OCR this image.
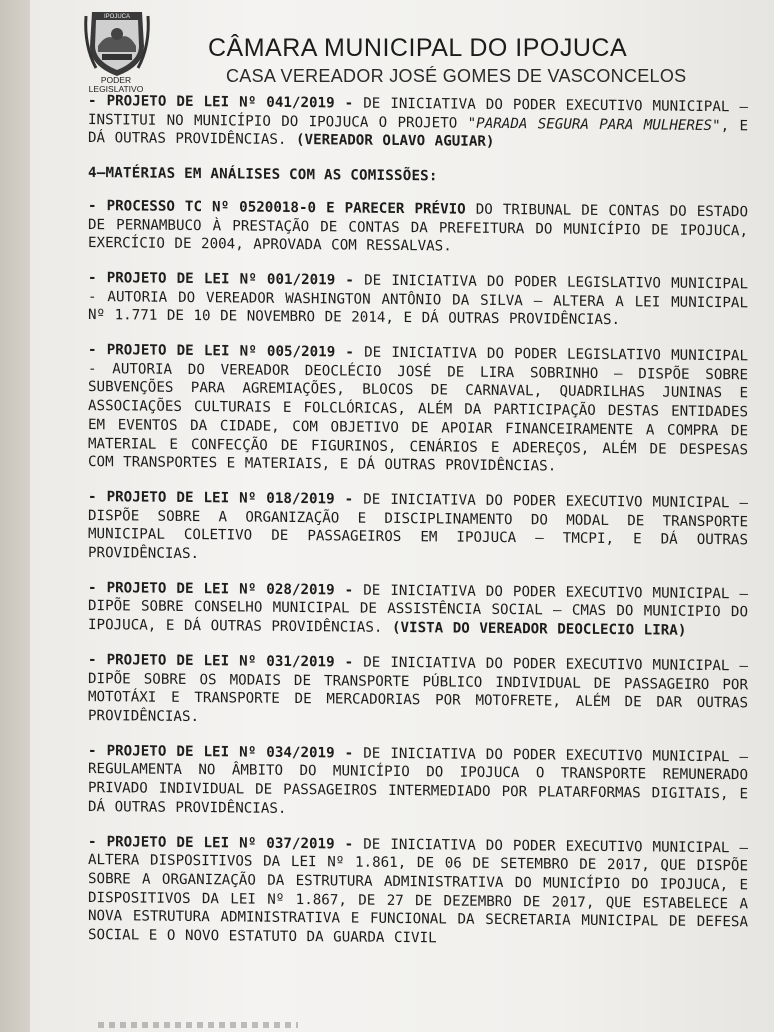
IPOJUCA
PODER
LEGISLATIVO
CÂMARA MUNICIPAL DO IPOJUCA
CASA VEREADOR JOSÉ GOMES DE VASCONCELOS

- PROJETO DE LEI Nº 041/2019 - DE INICIATIVA DO PODER EXECUTIVO MUNICIPAL – INSTITUI NO MUNICÍPIO DO IPOJUCA O PROJETO "PARADA SEGURA PARA MULHERES", E DÁ OUTRAS PROVIDÊNCIAS. (VEREADOR OLAVO AGUIAR)

4–MATÉRIAS EM ANÁLISES COM AS COMISSÕES:

- PROCESSO TC Nº 0520018-0 E PARECER PRÉVIO DO TRIBUNAL DE CONTAS DO ESTADO DE PERNAMBUCO À PRESTAÇÃO DE CONTAS DA PREFEITURA DO MUNICÍPIO DE IPOJUCA, EXERCÍCIO DE 2004, APROVADA COM RESSALVAS.

- PROJETO DE LEI Nº 001/2019 - DE INICIATIVA DO PODER LEGISLATIVO MUNICIPAL - AUTORIA DO VEREADOR WASHINGTON ANTÔNIO DA SILVA – ALTERA A LEI MUNICIPAL Nº 1.771 DE 10 DE NOVEMBRO DE 2014, E DÁ OUTRAS PROVIDÊNCIAS.

- PROJETO DE LEI Nº 005/2019 - DE INICIATIVA DO PODER LEGISLATIVO MUNICIPAL - AUTORIA DO VEREADOR DEOCLÉCIO JOSÉ DE LIRA SOBRINHO – DISPÕE SOBRE SUBVENÇÕES PARA AGREMIAÇÕES, BLOCOS DE CARNAVAL, QUADRILHAS JUNINAS E ASSOCIAÇÕES CULTURAIS E FOLCLÓRICAS, ALÉM DA PARTICIPAÇÃO DESTAS ENTIDADES EM EVENTOS DA CIDADE, COM OBJETIVO DE APOIAR FINANCEIRAMENTE A COMPRA DE MATERIAL E CONFECÇÃO DE FIGURINOS, CENÁRIOS E ADEREÇOS, ALÉM DE DESPESAS COM TRANSPORTES E MATERIAIS, E DÁ OUTRAS PROVIDÊNCIAS.

- PROJETO DE LEI Nº 018/2019 - DE INICIATIVA DO PODER EXECUTIVO MUNICIPAL – DISPÕE SOBRE A ORGANIZAÇÃO E DISCIPLINAMENTO DO MODAL DE TRANSPORTE MUNICIPAL COLETIVO DE PASSAGEIROS EM IPOJUCA – TMCPI, E DÁ OUTRAS PROVIDÊNCIAS.

- PROJETO DE LEI Nº 028/2019 - DE INICIATIVA DO PODER EXECUTIVO MUNICIPAL – DIPÕE SOBRE CONSELHO MUNICIPAL DE ASSISTÊNCIA SOCIAL – CMAS DO MUNICIPIO DO IPOJUCA, E DÁ OUTRAS PROVIDÊNCIAS. (VISTA DO VEREADOR DEOCLECIO LIRA)

- PROJETO DE LEI Nº 031/2019 - DE INICIATIVA DO PODER EXECUTIVO MUNICIPAL – DIPÕE SOBRE OS MODAIS DE TRANSPORTE PÚBLICO INDIVIDUAL DE PASSAGEIRO POR MOTOTÁXI E TRANSPORTE DE MERCADORIAS POR MOTOFRETE, ALÉM DE DAR OUTRAS PROVIDÊNCIAS.

- PROJETO DE LEI Nº 034/2019 - DE INICIATIVA DO PODER EXECUTIVO MUNICIPAL – REGULAMENTA NO ÂMBITO DO MUNICÍPIO DO IPOJUCA O TRANSPORTE REMUNERADO PRIVADO INDIVIDUAL DE PASSAGEIROS INTERMEDIADO POR PLATARFORMAS DIGITAIS, E DÁ OUTRAS PROVIDÊNCIAS.

- PROJETO DE LEI Nº 037/2019 - DE INICIATIVA DO PODER EXECUTIVO MUNICIPAL – ALTERA DISPOSITIVOS DA LEI Nº 1.861, DE 06 DE SETEMBRO DE 2017, QUE DISPÕE SOBRE A ORGANIZAÇÃO DA ESTRUTURA ADMINISTRATIVA DO MUNICÍPIO DO IPOJUCA, E DISPOSITIVOS DA LEI Nº 1.867, DE 27 DE DEZEMBRO DE 2017, QUE ESTABELECE A NOVA ESTRUTURA ADMINISTRATIVA E FUNCIONAL DA SECRETARIA MUNICIPAL DE DEFESA SOCIAL E O NOVO ESTATUTO DA GUARDA CIVIL
